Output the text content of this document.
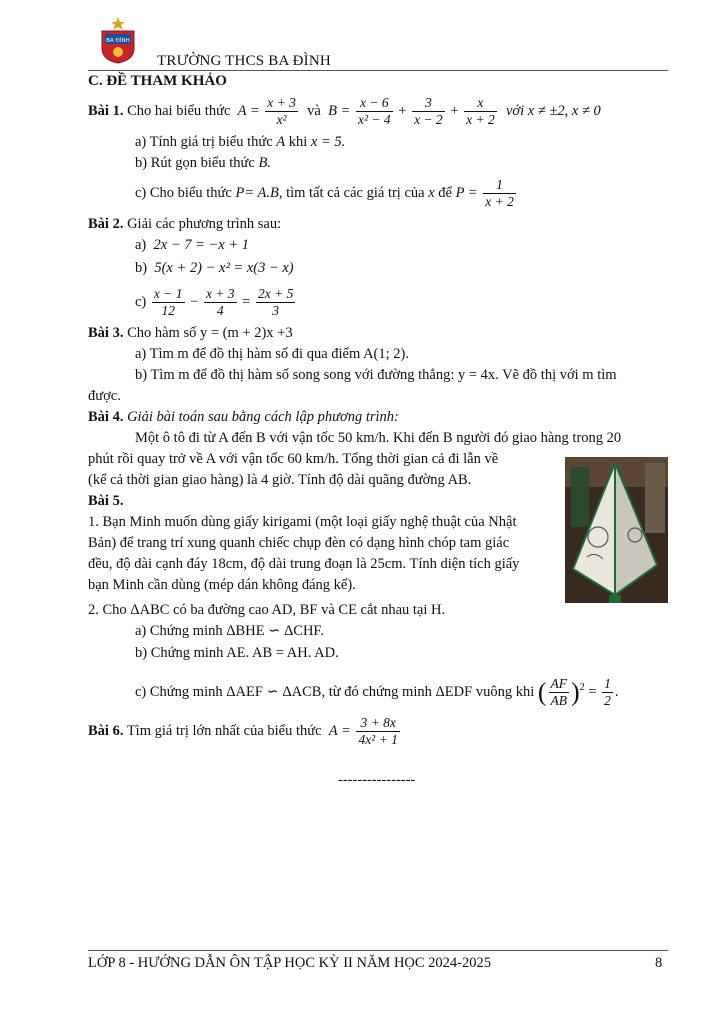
BA ĐÌNH
TRƯỜNG THCS BA ĐÌNH
C. ĐỀ THAM KHẢO
Bài 1. Cho hai biểu thức $A = \frac{x + 3}{\text{x²}}$ và $B = \frac{x - 6}{\text{x² − 4}} + \frac{3}{x - 2} + \frac{x}{x + 2}$ với x ≠ ±2, x ≠ 0
a) Tính giá trị biểu thức A khi x = 5.
b) Rút gọn biểu thức B.
c) Cho biểu thức P= A.B, tìm tất cả các giá trị của x để $P = \frac{1}{x + 2}$
Bài 2. Giải các phương trình sau:
a) 2x − 7 = −x + 1
b) 5(x + 2) − x² = x(3 − x)
$c) \frac{x - 1}{12} - \frac{x + 3}{4} = \frac{2x + 5}{3}$
Bài 3. Cho hàm số y = (m + 2)x +3
a) Tìm m để đồ thị hàm số đi qua điểm A(1; 2).
b) Tìm m để đồ thị hàm số song song với đường thẳng: y = 4x. Vẽ đồ thị với m tìm
được.
Bài 4. Giải bài toán sau bằng cách lập phương trình:
Một ô tô đi từ A đến B với vận tốc 50 km/h. Khi đến B người đó giao hàng trong 20
phút rồi quay trở về A với vận tốc 60 km/h. Tổng thời gian cả đi lẫn về
(kể cả thời gian giao hàng) là 4 giờ. Tính độ dài quãng đường AB.
Bài 5.
1. Bạn Minh muốn dùng giấy kirigami (một loại giấy nghệ thuật của Nhật
Bản) để trang trí xung quanh chiếc chụp đèn có dạng hình chóp tam giác
đều, độ dài cạnh đáy 18cm, độ dài trung đoạn là 25cm. Tính diện tích giấy
bạn Minh cần dùng (mép dán không đáng kể).
2. Cho ΔABC có ba đường cao AD, BF và CE cắt nhau tại H.
a) Chứng minh ΔBHE ∽ ΔCHF.
b) Chứng minh AE. AB = AH. AD.
c) Chứng minh ΔAEF ∽ ΔACB, từ đó chứng minh ΔEDF vuông khi ( $\frac{AF}{AB} )^2 = \frac{1}{2}$ .
Bài 6. Tìm giá trị lớn nhất của biểu thức $A = \frac{3 + 8x}{\text{4x² + 1}}$
----------------
LỚP 8 - HƯỚNG DẪN ÔN TẬP HỌC KỲ II NĂM HỌC 2024-2025	8
